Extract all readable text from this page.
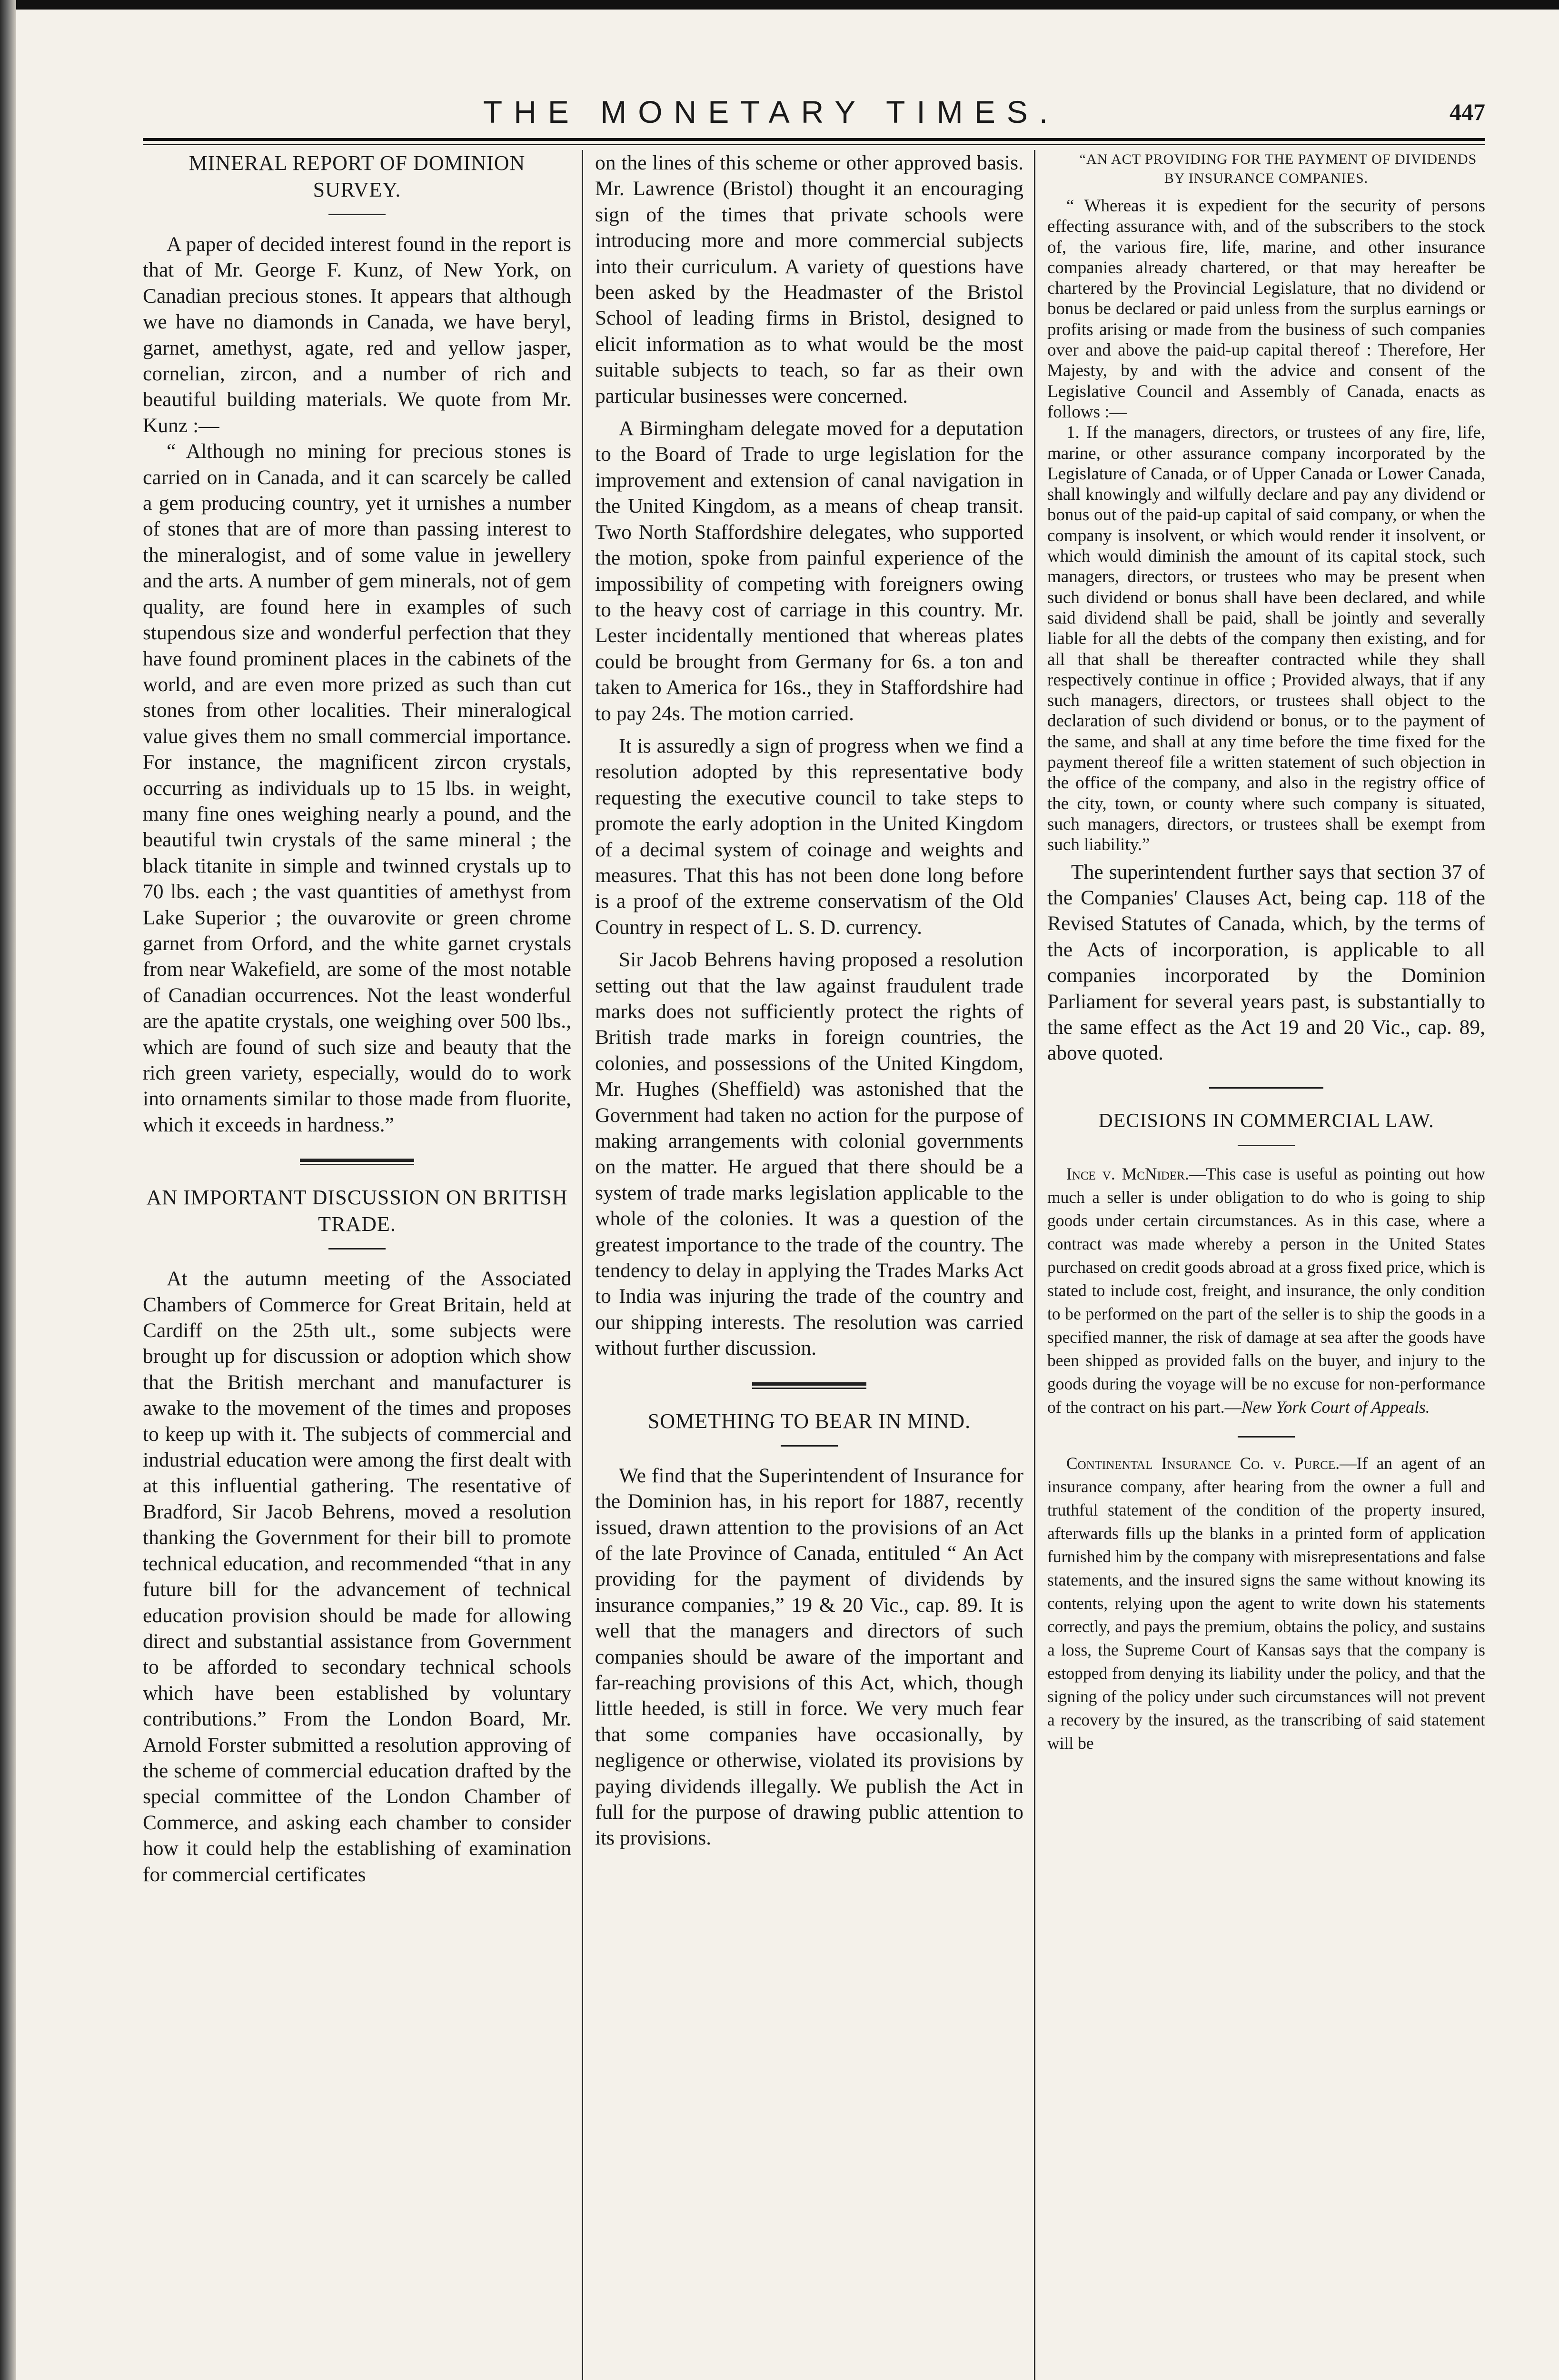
THE MONETARY TIMES.	447
MINERAL REPORT OF DOMINION SURVEY.

A paper of decided interest found in the report is that of Mr. George F. Kunz, of New York, on Canadian precious stones. It appears that although we have no diamonds in Canada, we have beryl, garnet, amethyst, agate, red and yellow jasper, cornelian, zircon, and a number of rich and beautiful building materials. We quote from Mr. Kunz :—

“ Although no mining for precious stones is carried on in Canada, and it can scarcely be called a gem producing country, yet it urnishes a number of stones that are of more than passing interest to the mineralogist, and of some value in jewellery and the arts. A number of gem minerals, not of gem quality, are found here in examples of such stupendous size and wonderful perfection that they have found prominent places in the cabinets of the world, and are even more prized as such than cut stones from other localities. Their mineralogical value gives them no small commercial importance. For instance, the magnificent zircon crystals, occurring as individuals up to 15 lbs. in weight, many fine ones weighing nearly a pound, and the beautiful twin crystals of the same mineral ; the black titanite in simple and twinned crystals up to 70 lbs. each ; the vast quantities of amethyst from Lake Superior ; the ouvarovite or green chrome garnet from Orford, and the white garnet crystals from near Wakefield, are some of the most notable of Canadian occurrences. Not the least wonderful are the apatite crystals, one weighing over 500 lbs., which are found of such size and beauty that the rich green variety, especially, would do to work into ornaments similar to those made from fluorite, which it exceeds in hardness.”

AN IMPORTANT DISCUSSION ON BRITISH TRADE.

At the autumn meeting of the Associated Chambers of Commerce for Great Britain, held at Cardiff on the 25th ult., some subjects were brought up for discussion or adoption which show that the British merchant and manufacturer is awake to the movement of the times and proposes to keep up with it. The subjects of commercial and industrial education were among the first dealt with at this influential gathering. The resentative of Bradford, Sir Jacob Behrens, moved a resolution thanking the Government for their bill to promote technical education, and recommended “that in any future bill for the advancement of technical education provision should be made for allowing direct and substantial assistance from Government to be afforded to secondary technical schools which have been established by voluntary contributions.” From the London Board, Mr. Arnold Forster submitted a resolution approving of the scheme of commercial education drafted by the special committee of the London Chamber of Commerce, and asking each chamber to consider how it could help the establishing of examination for commercial certificates

on the lines of this scheme or other approved basis. Mr. Lawrence (Bristol) thought it an encouraging sign of the times that private schools were introducing more and more commercial subjects into their curriculum. A variety of questions have been asked by the Headmaster of the Bristol School of leading firms in Bristol, designed to elicit information as to what would be the most suitable subjects to teach, so far as their own particular businesses were concerned.

A Birmingham delegate moved for a deputation to the Board of Trade to urge legislation for the improvement and extension of canal navigation in the United Kingdom, as a means of cheap transit. Two North Staffordshire delegates, who supported the motion, spoke from painful experience of the impossibility of competing with foreigners owing to the heavy cost of carriage in this country. Mr. Lester incidentally mentioned that whereas plates could be brought from Germany for 6s. a ton and taken to America for 16s., they in Staffordshire had to pay 24s. The motion carried.

It is assuredly a sign of progress when we find a resolution adopted by this representative body requesting the executive council to take steps to promote the early adoption in the United Kingdom of a decimal system of coinage and weights and measures. That this has not been done long before is a proof of the extreme conservatism of the Old Country in respect of L. S. D. currency.

Sir Jacob Behrens having proposed a resolution setting out that the law against fraudulent trade marks does not sufficiently protect the rights of British trade marks in foreign countries, the colonies, and possessions of the United Kingdom, Mr. Hughes (Sheffield) was astonished that the Government had taken no action for the purpose of making arrangements with colonial governments on the matter. He argued that there should be a system of trade marks legislation applicable to the whole of the colonies. It was a question of the greatest importance to the trade of the country. The tendency to delay in applying the Trades Marks Act to India was injuring the trade of the country and our shipping interests. The resolution was carried without further discussion.

SOMETHING TO BEAR IN MIND.

We find that the Superintendent of Insurance for the Dominion has, in his report for 1887, recently issued, drawn attention to the provisions of an Act of the late Province of Canada, entituled “ An Act providing for the payment of dividends by insurance companies,” 19 & 20 Vic., cap. 89. It is well that the managers and directors of such companies should be aware of the important and far-reaching provisions of this Act, which, though little heeded, is still in force. We very much fear that some companies have occasionally, by negligence or otherwise, violated its provisions by paying dividends illegally. We publish the Act in full for the purpose of drawing public attention to its provisions.

“AN ACT PROVIDING FOR THE PAYMENT OF DIVIDENDS BY INSURANCE COMPANIES.

“ Whereas it is expedient for the security of persons effecting assurance with, and of the subscribers to the stock of, the various fire, life, marine, and other insurance companies already chartered, or that may hereafter be chartered by the Provincial Legislature, that no dividend or bonus be declared or paid unless from the surplus earnings or profits arising or made from the business of such companies over and above the paid-up capital thereof : Therefore, Her Majesty, by and with the advice and consent of the Legislative Council and Assembly of Canada, enacts as follows :—

1. If the managers, directors, or trustees of any fire, life, marine, or other assurance company incorporated by the Legislature of Canada, or of Upper Canada or Lower Canada, shall knowingly and wilfully declare and pay any dividend or bonus out of the paid-up capital of said company, or when the company is insolvent, or which would render it insolvent, or which would diminish the amount of its capital stock, such managers, directors, or trustees who may be present when such dividend or bonus shall have been declared, and while said dividend shall be paid, shall be jointly and severally liable for all the debts of the company then existing, and for all that shall be thereafter contracted while they shall respectively continue in office ; Provided always, that if any such managers, directors, or trustees shall object to the declaration of such dividend or bonus, or to the payment of the same, and shall at any time before the time fixed for the payment thereof file a written statement of such objection in the office of the company, and also in the registry office of the city, town, or county where such company is situated, such managers, directors, or trustees shall be exempt from such liability.”

The superintendent further says that section 37 of the Companies' Clauses Act, being cap. 118 of the Revised Statutes of Canada, which, by the terms of the Acts of incorporation, is applicable to all companies incorporated by the Dominion Parliament for several years past, is substantially to the same effect as the Act 19 and 20 Vic., cap. 89, above quoted.

DECISIONS IN COMMERCIAL LAW.

Ince v. McNider.—This case is useful as pointing out how much a seller is under obligation to do who is going to ship goods under certain circumstances. As in this case, where a contract was made whereby a person in the United States purchased on credit goods abroad at a gross fixed price, which is stated to include cost, freight, and insurance, the only condition to be performed on the part of the seller is to ship the goods in a specified manner, the risk of damage at sea after the goods have been shipped as provided falls on the buyer, and injury to the goods during the voyage will be no excuse for non-performance of the contract on his part.—New York Court of Appeals.

Continental Insurance Co. v. Purce.—If an agent of an insurance company, after hearing from the owner a full and truthful statement of the condition of the property insured, afterwards fills up the blanks in a printed form of application furnished him by the company with misrepresentations and false statements, and the insured signs the same without knowing its contents, relying upon the agent to write down his statements correctly, and pays the premium, obtains the policy, and sustains a loss, the Supreme Court of Kansas says that the company is estopped from denying its liability under the policy, and that the signing of the policy under such circumstances will not prevent a recovery by the insured, as the transcribing of said statement will be
